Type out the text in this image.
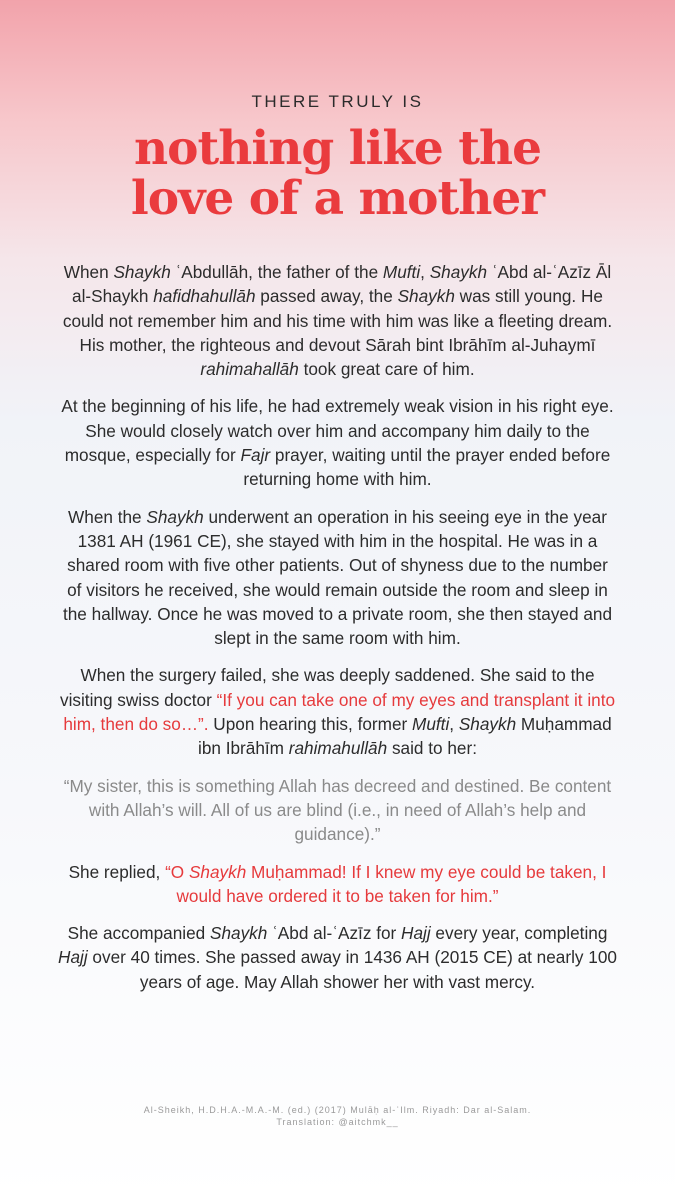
THERE TRULY IS
nothing like the
love of a mother

When Shaykh ʿAbdullāh, the father of the Mufti, Shaykh ʿAbd al-ʿAzīz Āl al-Shaykh hafidhahullāh passed away, the Shaykh was still young. He could not remember him and his time with him was like a fleeting dream. His mother, the righteous and devout Sārah bint Ibrāhīm al-Juhaymī rahimahallāh took great care of him.

At the beginning of his life, he had extremely weak vision in his right eye. She would closely watch over him and accompany him daily to the mosque, especially for Fajr prayer, waiting until the prayer ended before returning home with him.

When the Shaykh underwent an operation in his seeing eye in the year 1381 AH (1961 CE), she stayed with him in the hospital. He was in a shared room with five other patients. Out of shyness due to the number of visitors he received, she would remain outside the room and sleep in the hallway. Once he was moved to a private room, she then stayed and slept in the same room with him.

When the surgery failed, she was deeply saddened. She said to the visiting swiss doctor “If you can take one of my eyes and transplant it into him, then do so…”. Upon hearing this, former Mufti, Shaykh Muḥammad ibn Ibrāhīm rahimahullāh said to her:

“My sister, this is something Allah has decreed and destined. Be content with Allah’s will. All of us are blind (i.e., in need of Allah’s help and guidance).”

She replied, “O Shaykh Muḥammad! If I knew my eye could be taken, I would have ordered it to be taken for him.”

She accompanied Shaykh ʿAbd al-ʿAzīz for Hajj every year, completing Hajj over 40 times. She passed away in 1436 AH (2015 CE) at nearly 100 years of age. May Allah shower her with vast mercy.

Al-Sheikh, H.D.H.A.-M.A.-M. (ed.) (2017) Mulāḥ al-ʿIlm. Riyadh: Dar al-Salam.
Translation: @aitchmk__
